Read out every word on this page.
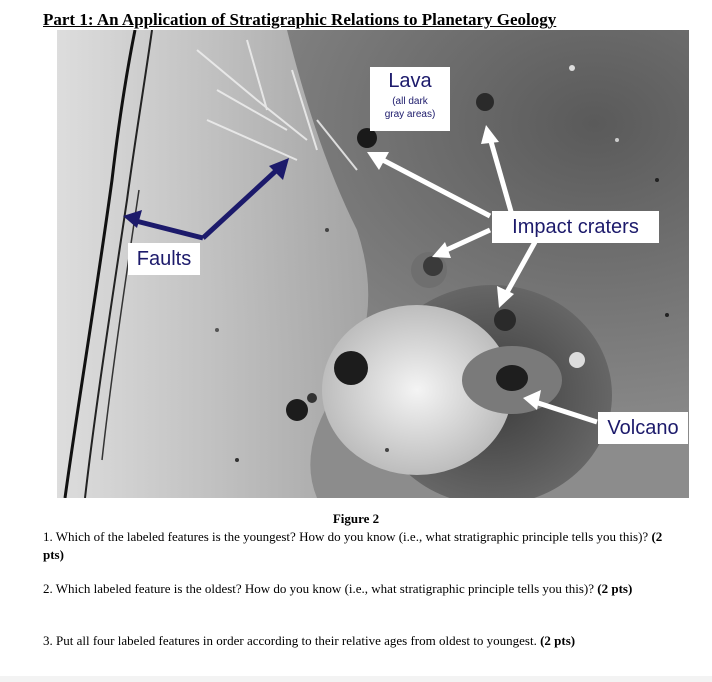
Part 1: An Application of Stratigraphic Relations to Planetary Geology
Lava
(all dark
gray areas)
Faults
Impact craters
Volcano
Figure 2
1. Which of the labeled features is the youngest? How do you know (i.e., what stratigraphic principle tells you this)? (2 pts)
2. Which labeled feature is the oldest? How do you know (i.e., what stratigraphic principle tells you this)? (2 pts)
3. Put all four labeled features in order according to their relative ages from oldest to youngest. (2 pts)
